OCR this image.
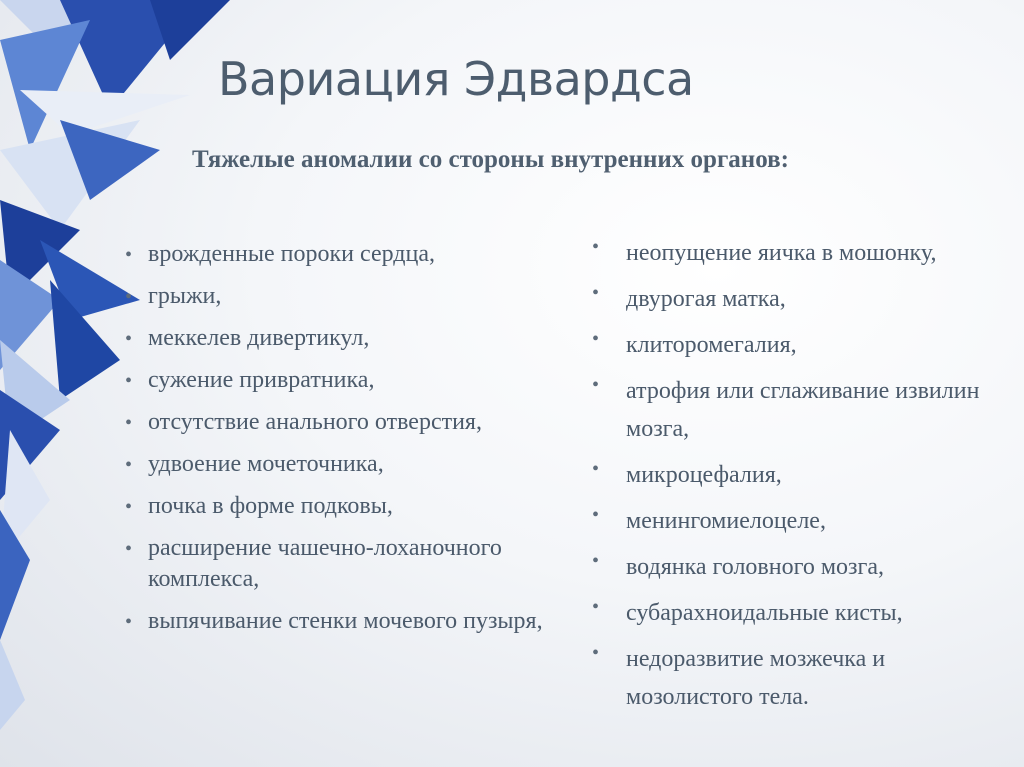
Вариация Эдвардса

Тяжелые аномалии со стороны внутренних органов:

• врожденные пороки сердца,
• грыжи,
• меккелев дивертикул,
• сужение привратника,
• отсутствие анального отверстия,
• удвоение мочеточника,
• почка в форме подковы,
• расширение чашечно-лоханочного комплекса,
• выпячивание стенки мочевого пузыря,
• неопущение яичка в мошонку,
• двурогая матка,
• клиторомегалия,
• атрофия или сглаживание извилин мозга,
• микроцефалия,
• менингомиелоцеле,
• водянка головного мозга,
• субарахноидальные кисты,
• недоразвитие мозжечка и мозолистого тела.
